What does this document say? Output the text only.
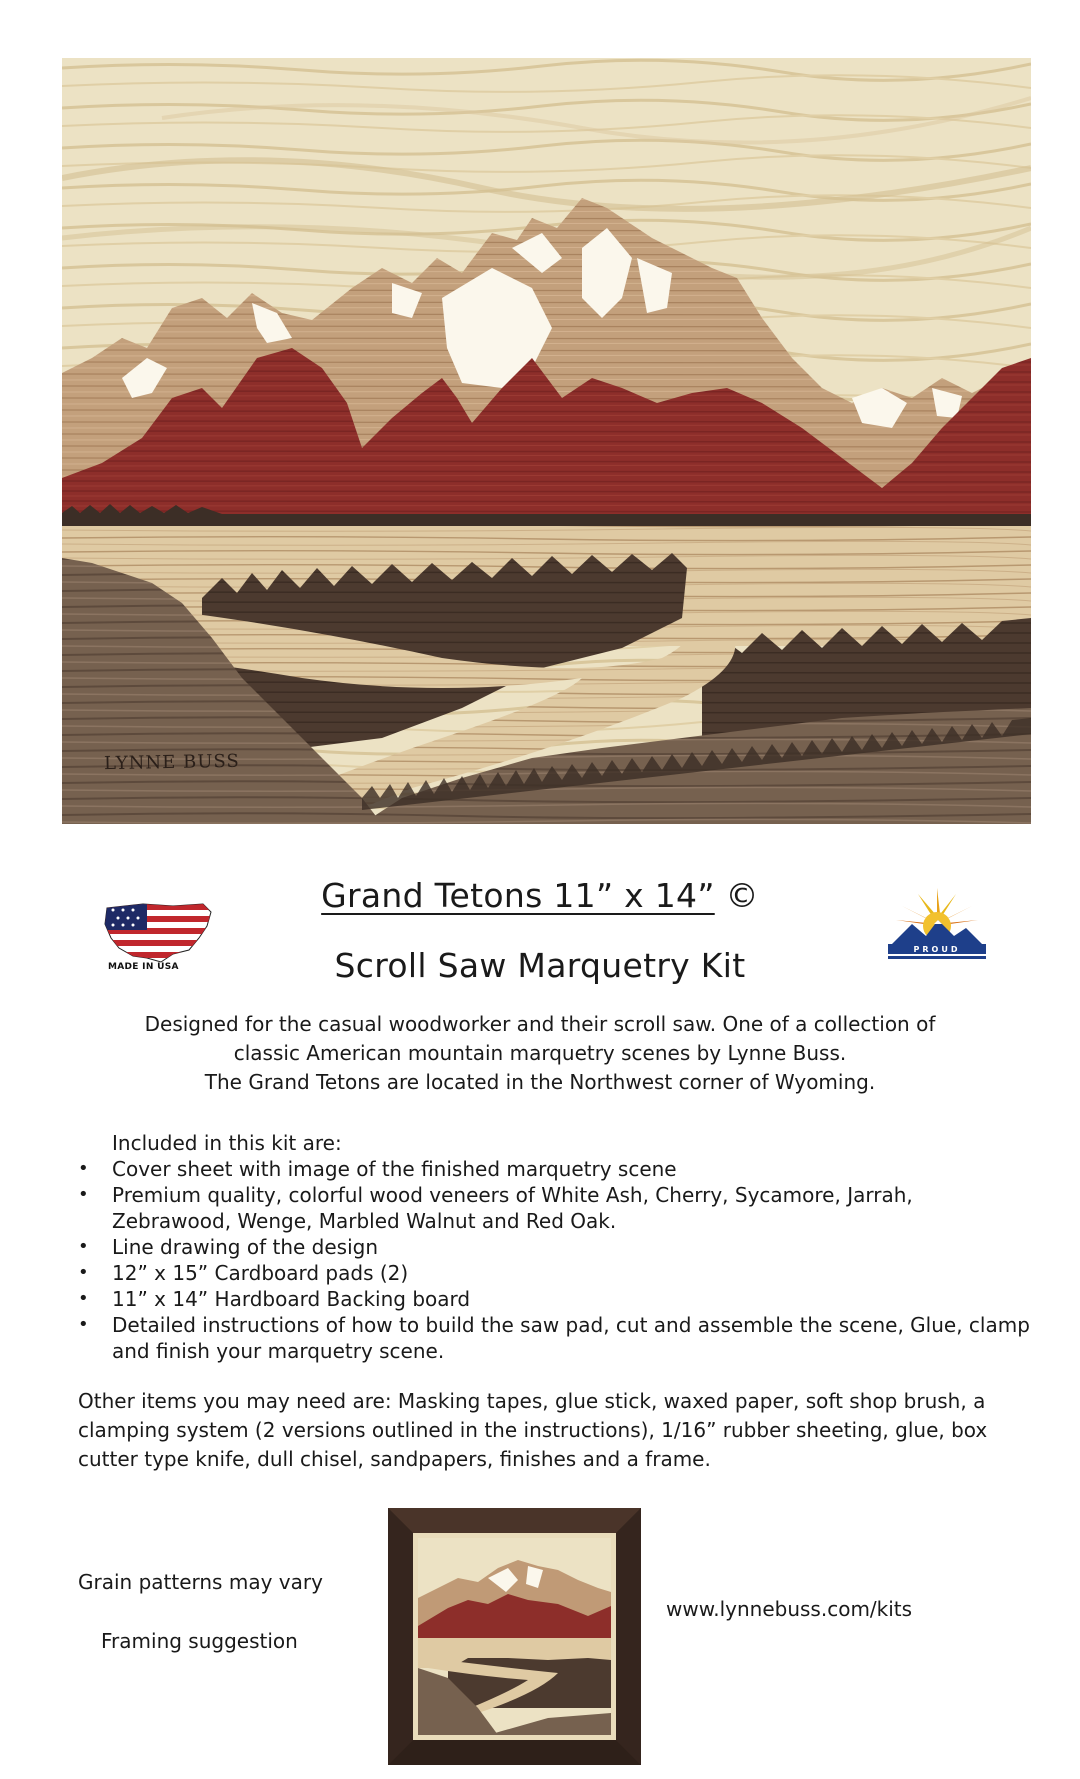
LYNNE BUSS
MADE IN USA
PROUD
Grand Tetons 11” x 14” ©
Scroll Saw Marquetry Kit

Designed for the casual woodworker and their scroll saw. One of a collection of

classic American mountain marquetry scenes by Lynne Buss.

The Grand Tetons are located in the Northwest corner of Wyoming.

Included in this kit are:
• Cover sheet with image of the finished marquetry scene
• Premium quality, colorful wood veneers of White Ash, Cherry, Sycamore, Jarrah, Zebrawood, Wenge, Marbled Walnut and Red Oak.
• Line drawing of the design
• 12” x 15” Cardboard pads (2)
• 11” x 14” Hardboard Backing board
• Detailed instructions of how to build the saw pad, cut and assemble the scene, Glue, clamp and finish your marquetry scene.

Other items you may need are: Masking tapes, glue stick, waxed paper, soft shop brush, a clamping system (2 versions outlined in the instructions), 1/16” rubber sheeting, glue, box cutter type knife, dull chisel, sandpapers, finishes and a frame.

Grain patterns may vary
Framing suggestion
www.lynnebuss.com/kits
